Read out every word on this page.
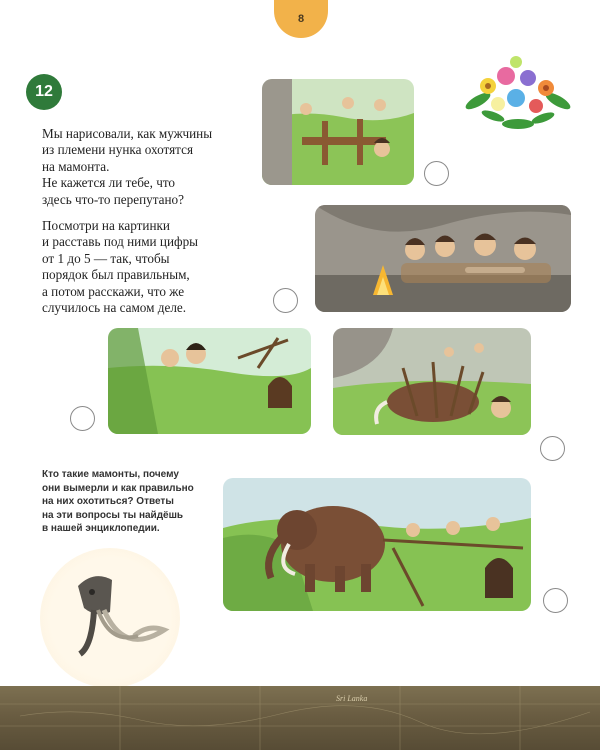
8
12

Мы нарисовали, как мужчины

из племени нунка охотятся

на мамонта.

Не кажется ли тебе, что

здесь что-то перепутано?

Посмотри на картинки

и расставь под ними цифры

от 1 до 5 — так, чтобы

порядок был правильным,

а потом расскажи, что же

случилось на самом деле.

Кто такие мамонты, почему

они вымерли и как правильно

на них охотиться? Ответы

на эти вопросы ты найдёшь

в нашей энциклопедии.

Sri Lanka
